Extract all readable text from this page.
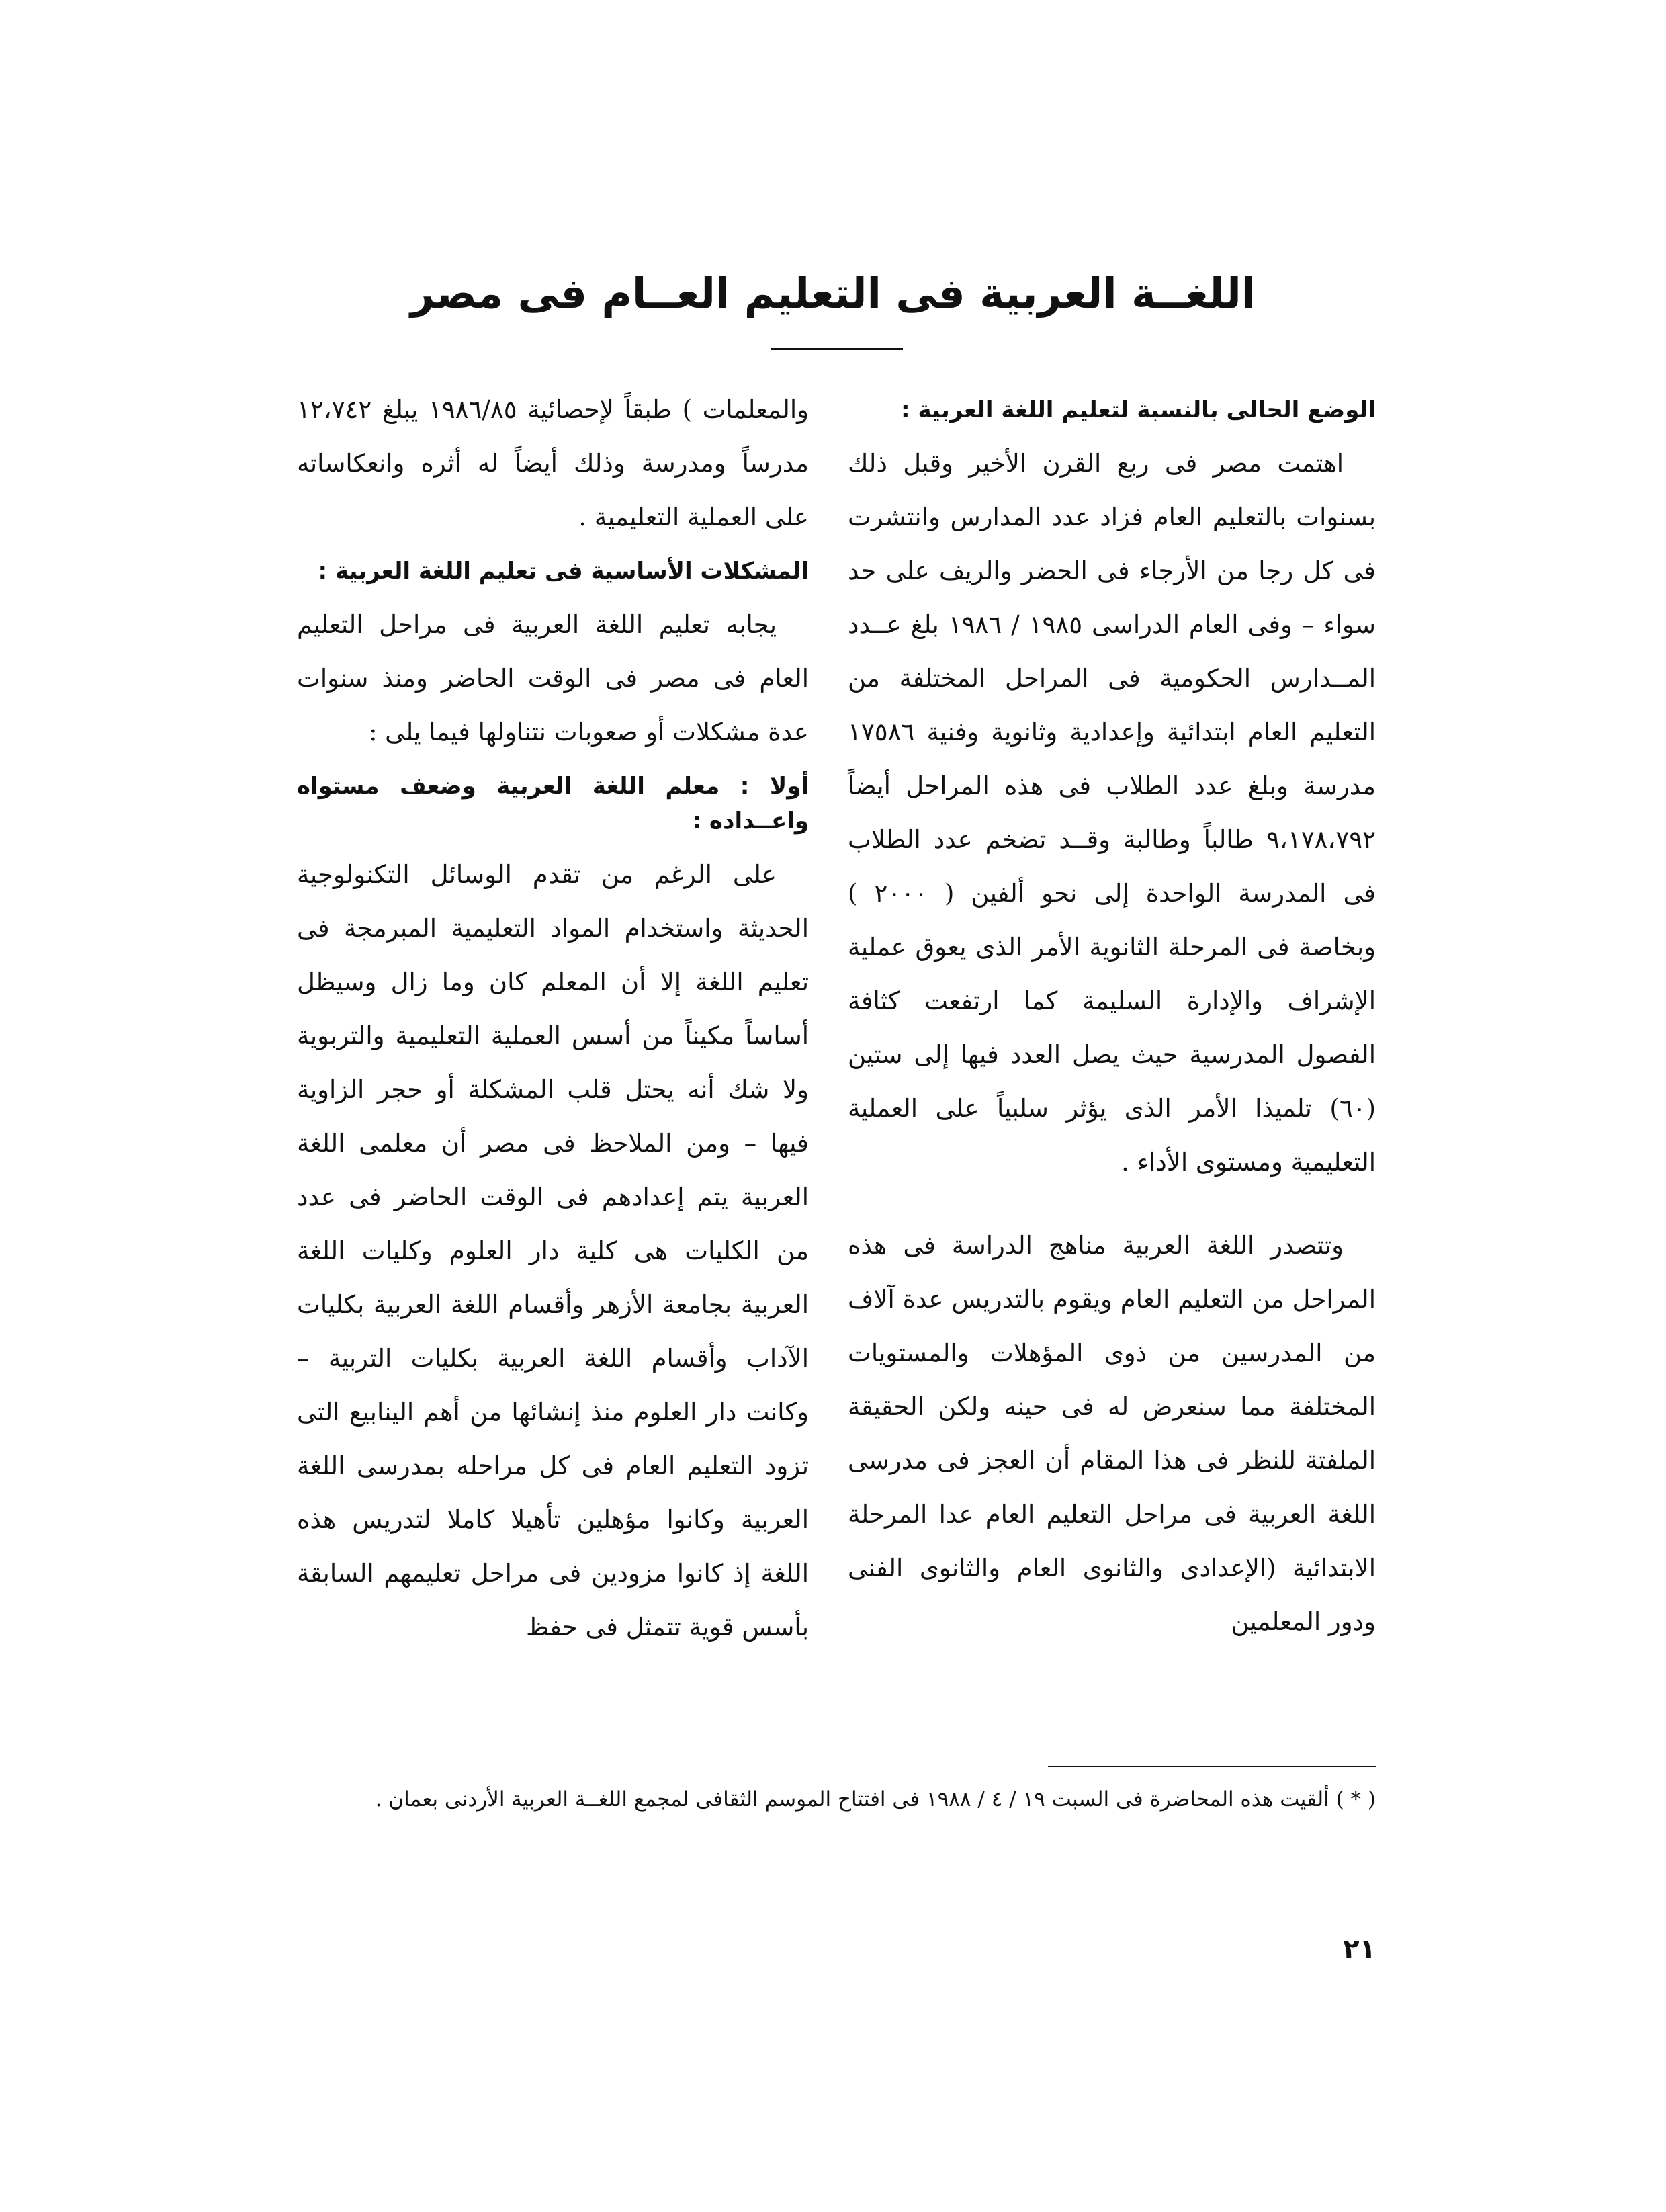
اللغــة العربية فى التعليم العــام فى مصر
الوضع الحالى بالنسبة لتعليم اللغة العربية :

اهتمت مصر فى ربع القرن الأخير وقبل ذلك بسنوات بالتعليم العام فزاد عدد المدارس وانتشرت فى كل رجا من الأرجاء فى الحضر والريف على حد سواء – وفى العام الدراسى ١٩٨٥ / ١٩٨٦ بلغ عــدد المــدارس الحكومية فى المراحل المختلفة من التعليم العام ابتدائية وإعدادية وثانوية وفنية ١٧٥٨٦ مدرسة وبلغ عدد الطلاب فى هذه المراحل أيضاً ٩،١٧٨،٧٩٢ طالباً وطالبة وقــد تضخم عدد الطلاب فى المدرسة الواحدة إلى نحو ألفين ( ٢٠٠٠ ) وبخاصة فى المرحلة الثانوية الأمر الذى يعوق عملية الإشراف والإدارة السليمة كما ارتفعت كثافة الفصول المدرسية حيث يصل العدد فيها إلى ستين (٦٠) تلميذا الأمر الذى يؤثر سلبياً على العملية التعليمية ومستوى الأداء .

وتتصدر اللغة العربية مناهج الدراسة فى هذه المراحل من التعليم العام ويقوم بالتدريس عدة آلاف من المدرسين من ذوى المؤهلات والمستويات المختلفة مما سنعرض له فى حينه ولكن الحقيقة الملفتة للنظر فى هذا المقام أن العجز فى مدرسى اللغة العربية فى مراحل التعليم العام عدا المرحلة الابتدائية (الإعدادى والثانوى العام والثانوى الفنى ودور المعلمين

والمعلمات ) طبقاً لإحصائية ١٩٨٦/٨٥ يبلغ ١٢،٧٤٢ مدرساً ومدرسة وذلك أيضاً له أثره وانعكاساته على العملية التعليمية .

المشكلات الأساسية فى تعليم اللغة العربية :

يجابه تعليم اللغة العربية فى مراحل التعليم العام فى مصر فى الوقت الحاضر ومنذ سنوات عدة مشكلات أو صعوبات نتناولها فيما يلى :

أولا : معلم اللغة العربية وضعف مستواه واعــداده :

على الرغم من تقدم الوسائل التكنولوجية الحديثة واستخدام المواد التعليمية المبرمجة فى تعليم اللغة إلا أن المعلم كان وما زال وسيظل أساساً مكيناً من أسس العملية التعليمية والتربوية ولا شك أنه يحتل قلب المشكلة أو حجر الزاوية فيها – ومن الملاحظ فى مصر أن معلمى اللغة العربية يتم إعدادهم فى الوقت الحاضر فى عدد من الكليات هى كلية دار العلوم وكليات اللغة العربية بجامعة الأزهر وأقسام اللغة العربية بكليات الآداب وأقسام اللغة العربية بكليات التربية – وكانت دار العلوم منذ إنشائها من أهم الينابيع التى تزود التعليم العام فى كل مراحله بمدرسى اللغة العربية وكانوا مؤهلين تأهيلا كاملا لتدريس هذه اللغة إذ كانوا مزودين فى مراحل تعليمهم السابقة بأسس قوية تتمثل فى حفظ

( * ) ألقيت هذه المحاضرة فى السبت ١٩ / ٤ / ١٩٨٨ فى افتتاح الموسم الثقافى لمجمع اللغــة العربية الأردنى بعمان .
٢١
